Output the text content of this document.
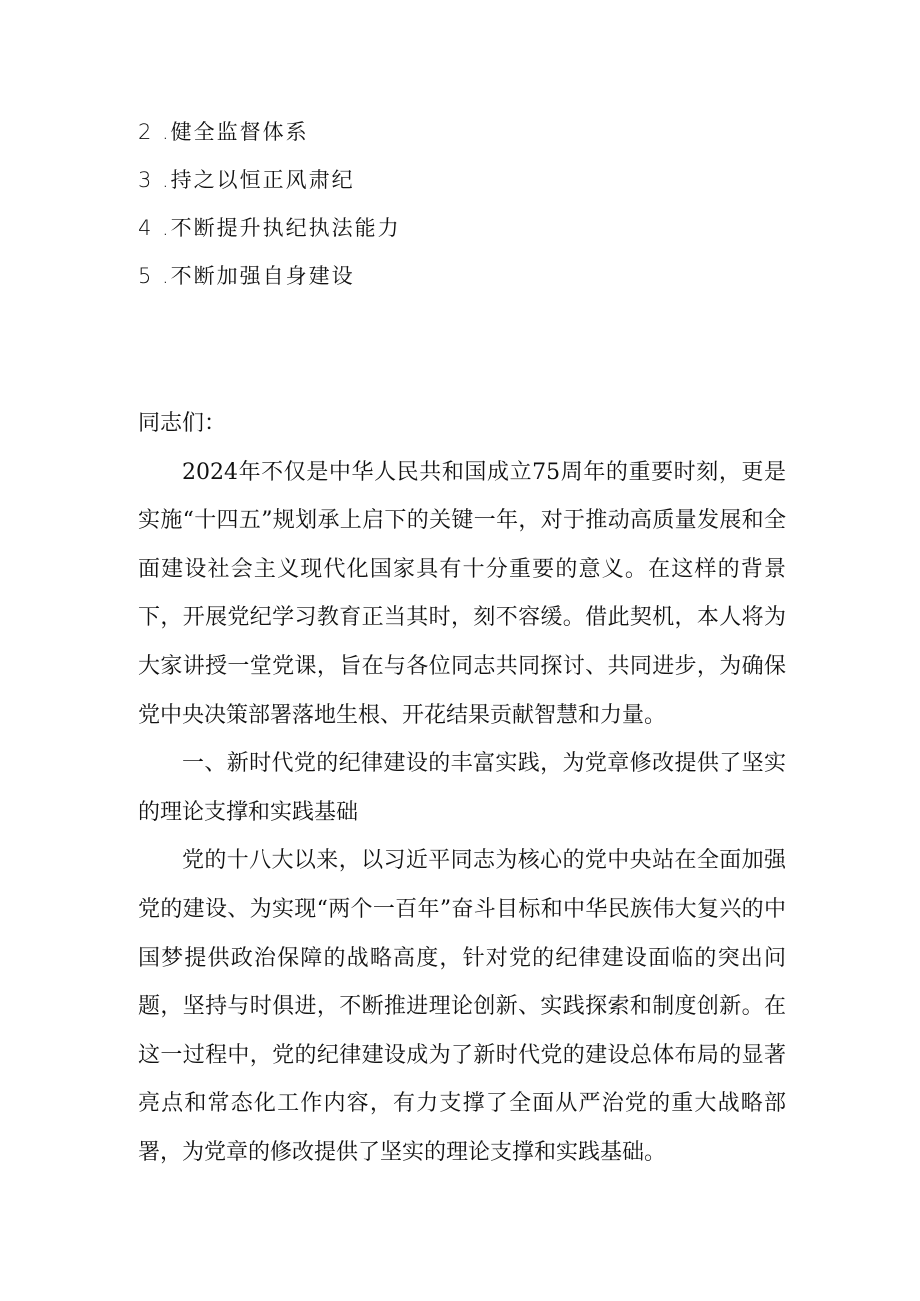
2 .健全监督体系
3 .持之以恒正风肃纪
4 .不断提升执纪执法能力
5 .不断加强自身建设

同志们：

2024年不仅是中华人民共和国成立75周年的重要时刻，更是实施“十四五”规划承上启下的关键一年，对于推动高质量发展和全面建设社会主义现代化国家具有十分重要的意义。在这样的背景下，开展党纪学习教育正当其时，刻不容缓。借此契机，本人将为大家讲授一堂党课，旨在与各位同志共同探讨、共同进步，为确保党中央决策部署落地生根、开花结果贡献智慧和力量。

一、新时代党的纪律建设的丰富实践，为党章修改提供了坚实的理论支撑和实践基础

党的十八大以来，以习近平同志为核心的党中央站在全面加强党的建设、为实现“两个一百年”奋斗目标和中华民族伟大复兴的中国梦提供政治保障的战略高度，针对党的纪律建设面临的突出问题，坚持与时俱进，不断推进理论创新、实践探索和制度创新。在这一过程中，党的纪律建设成为了新时代党的建设总体布局的显著亮点和常态化工作内容，有力支撑了全面从严治党的重大战略部署，为党章的修改提供了坚实的理论支撑和实践基础。
